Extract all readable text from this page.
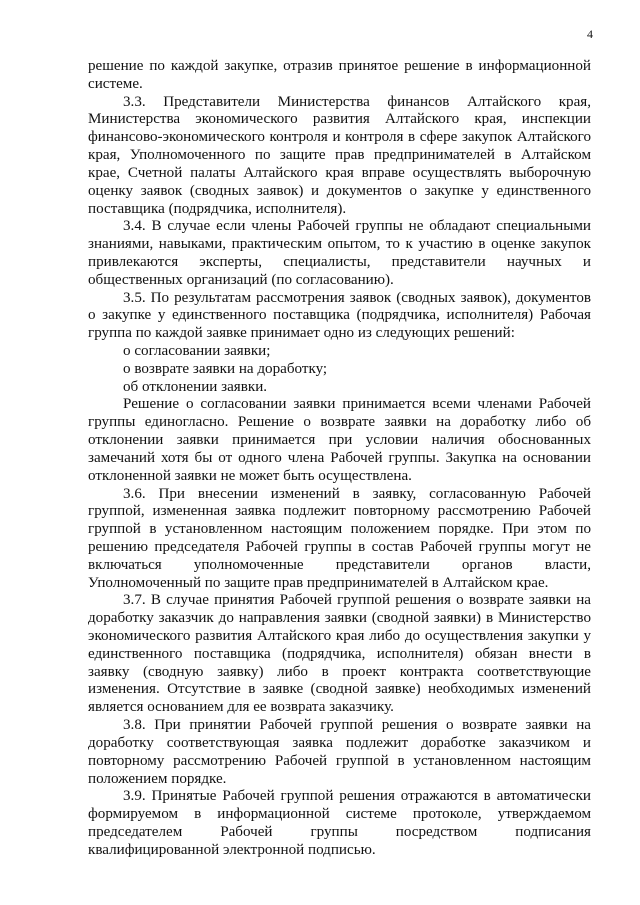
4
решение по каждой закупке, отразив принятое решение в информационной
системе.
3.3. Представители Министерства финансов Алтайского края,
Министерства экономического развития Алтайского края, инспекции
финансово-экономического контроля и контроля в сфере закупок Алтайского
края, Уполномоченного по защите прав предпринимателей в Алтайском
крае, Счетной палаты Алтайского края вправе осуществлять выборочную
оценку заявок (сводных заявок) и документов о закупке у единственного
поставщика (подрядчика, исполнителя).
3.4. В случае если члены Рабочей группы не обладают специальными
знаниями, навыками, практическим опытом, то к участию в оценке закупок
привлекаются эксперты, специалисты, представители научных и
общественных организаций (по согласованию).
3.5. По результатам рассмотрения заявок (сводных заявок), документов
о закупке у единственного поставщика (подрядчика, исполнителя) Рабочая
группа по каждой заявке принимает одно из следующих решений:
о согласовании заявки;
о возврате заявки на доработку;
об отклонении заявки.
Решение о согласовании заявки принимается всеми членами Рабочей
группы единогласно. Решение о возврате заявки на доработку либо об
отклонении заявки принимается при условии наличия обоснованных
замечаний хотя бы от одного члена Рабочей группы. Закупка на основании
отклоненной заявки не может быть осуществлена.
3.6. При внесении изменений в заявку, согласованную Рабочей
группой, измененная заявка подлежит повторному рассмотрению Рабочей
группой в установленном настоящим положением порядке. При этом по
решению председателя Рабочей группы в состав Рабочей группы могут не
включаться уполномоченные представители органов власти,
Уполномоченный по защите прав предпринимателей в Алтайском крае.
3.7. В случае принятия Рабочей группой решения о возврате заявки на
доработку заказчик до направления заявки (сводной заявки) в Министерство
экономического развития Алтайского края либо до осуществления закупки у
единственного поставщика (подрядчика, исполнителя) обязан внести в
заявку (сводную заявку) либо в проект контракта соответствующие
изменения. Отсутствие в заявке (сводной заявке) необходимых изменений
является основанием для ее возврата заказчику.
3.8. При принятии Рабочей группой решения о возврате заявки на
доработку соответствующая заявка подлежит доработке заказчиком и
повторному рассмотрению Рабочей группой в установленном настоящим
положением порядке.
3.9. Принятые Рабочей группой решения отражаются в автоматически
формируемом в информационной системе протоколе, утверждаемом
председателем Рабочей группы посредством подписания
квалифицированной электронной подписью.
